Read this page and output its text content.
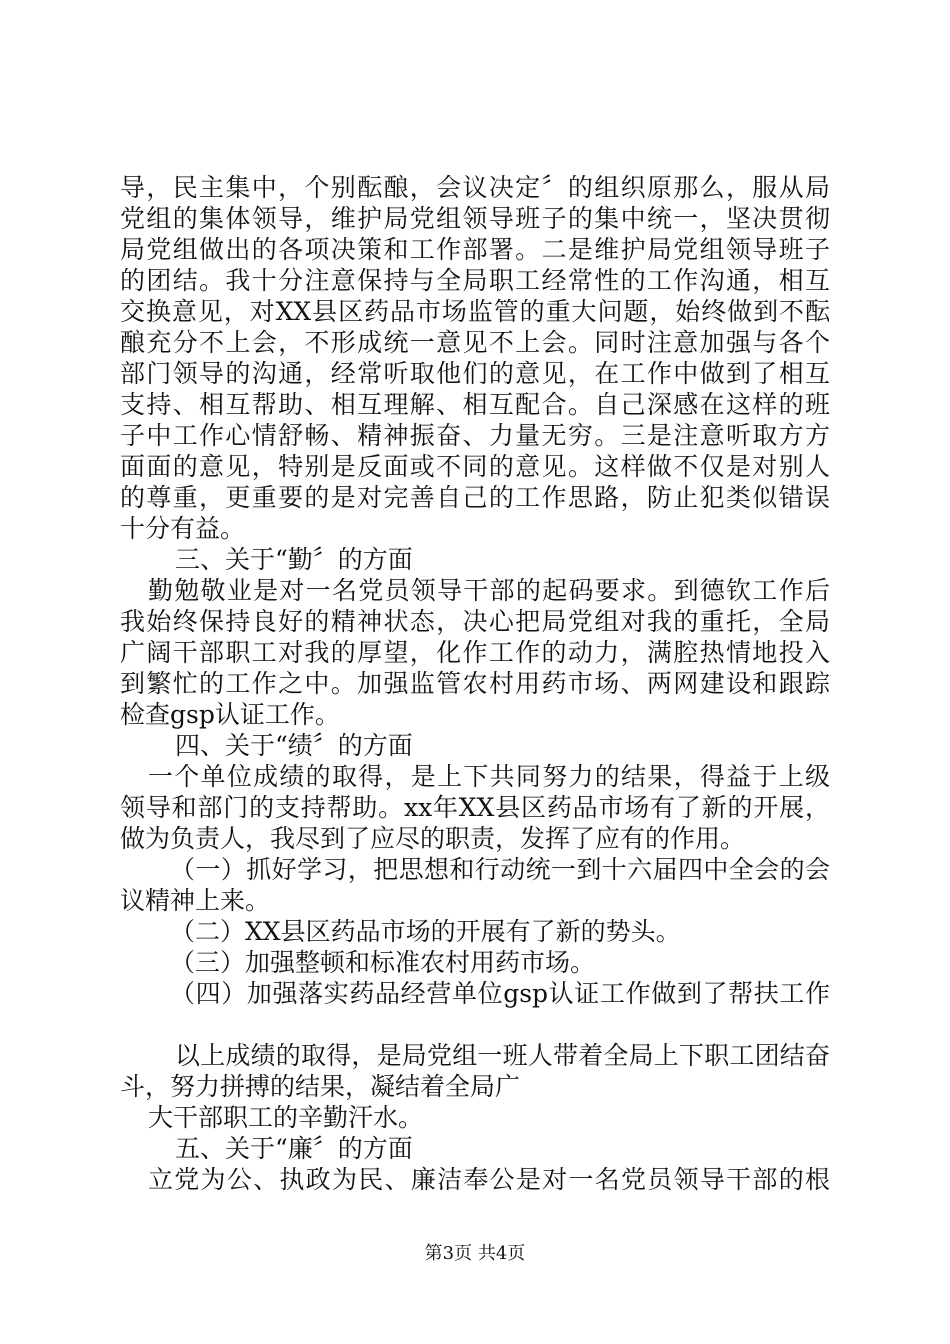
导，民主集中，个别酝酿，会议决定〞的组织原那么，服从局
党组的集体领导，维护局党组领导班子的集中统一，坚决贯彻
局党组做出的各项决策和工作部署。二是维护局党组领导班子
的团结。我十分注意保持与全局职工经常性的工作沟通，相互
交换意见，对XX县区药品市场监管的重大问题，始终做到不酝
酿充分不上会，不形成统一意见不上会。同时注意加强与各个
部门领导的沟通，经常听取他们的意见，在工作中做到了相互
支持、相互帮助、相互理解、相互配合。自己深感在这样的班
子中工作心情舒畅、精神振奋、力量无穷。三是注意听取方方
面面的意见，特别是反面或不同的意见。这样做不仅是对别人
的尊重，更重要的是对完善自己的工作思路，防止犯类似错误
十分有益。
三、关于“勤〞的方面
勤勉敬业是对一名党员领导干部的起码要求。到德钦工作后
我始终保持良好的精神状态，决心把局党组对我的重托，全局
广阔干部职工对我的厚望，化作工作的动力，满腔热情地投入
到繁忙的工作之中。加强监管农村用药市场、两网建设和跟踪
检查gsp认证工作。
四、关于“绩〞的方面
一个单位成绩的取得，是上下共同努力的结果，得益于上级
领导和部门的支持帮助。xx年XX县区药品市场有了新的开展，
做为负责人，我尽到了应尽的职责，发挥了应有的作用。
（一）抓好学习，把思想和行动统一到十六届四中全会的会
议精神上来。
（二）XX县区药品市场的开展有了新的势头。
（三）加强整顿和标准农村用药市场。
（四）加强落实药品经营单位gsp认证工作做到了帮扶工作
以上成绩的取得，是局党组一班人带着全局上下职工团结奋
斗，努力拼搏的结果，凝结着全局广
大干部职工的辛勤汗水。
五、关于“廉〞的方面
立党为公、执政为民、廉洁奉公是对一名党员领导干部的根
第3页 共4页
